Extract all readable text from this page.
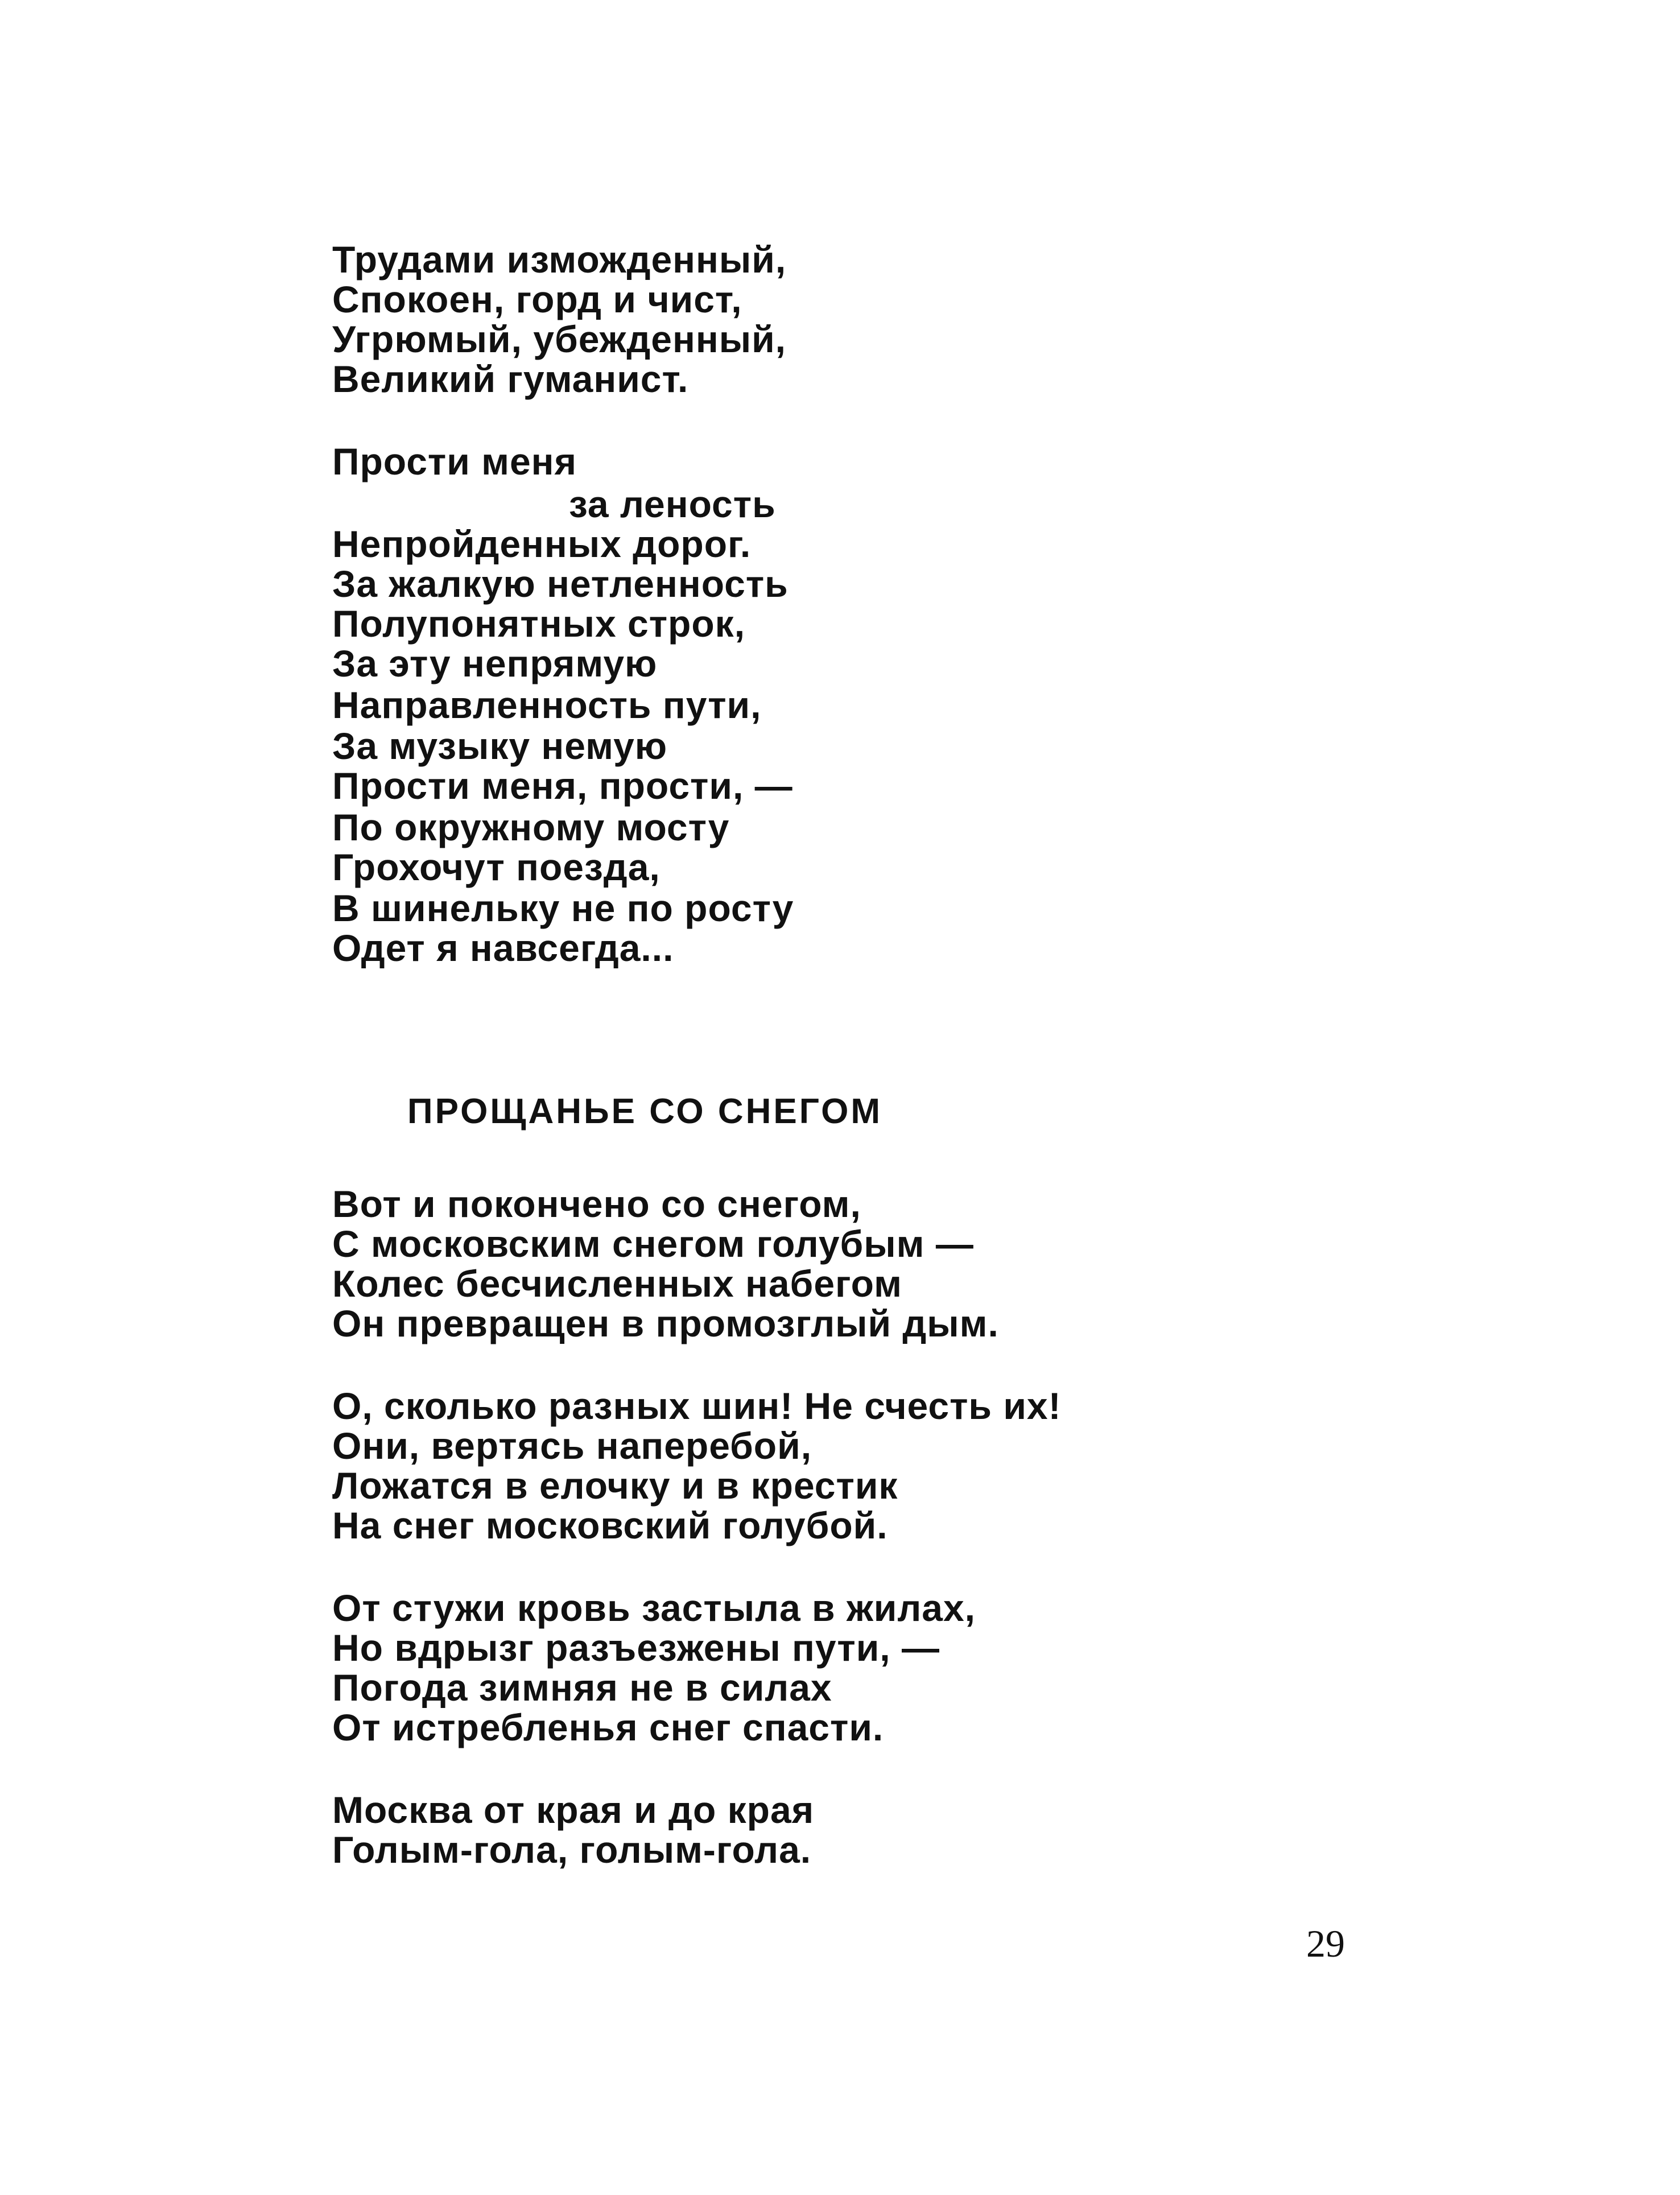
Трудами изможденный,
Спокоен, горд и чист,
Угрюмый, убежденный,
Великий гуманист.
Прости меня
за леность
Непройденных дорог.
За жалкую нетленность
Полупонятных строк,
За эту непрямую
Направленность пути,
За музыку немую
Прости меня, прости, —
По окружному мосту
Грохочут поезда,
В шинельку не по росту
Одет я навсегда...
ПРОЩАНЬЕ СО СНЕГОМ
Вот и покончено со снегом,
С московским снегом голубым —
Колес бесчисленных набегом
Он превращен в промозглый дым.
О, сколько разных шин! Не счесть их!
Они, вертясь наперебой,
Ложатся в елочку и в крестик
На снег московский голубой.
От стужи кровь застыла в жилах,
Но вдрызг разъезжены пути, —
Погода зимняя не в силах
От истребленья снег спасти.
Москва от края и до края
Голым-гола, голым-гола.
29
